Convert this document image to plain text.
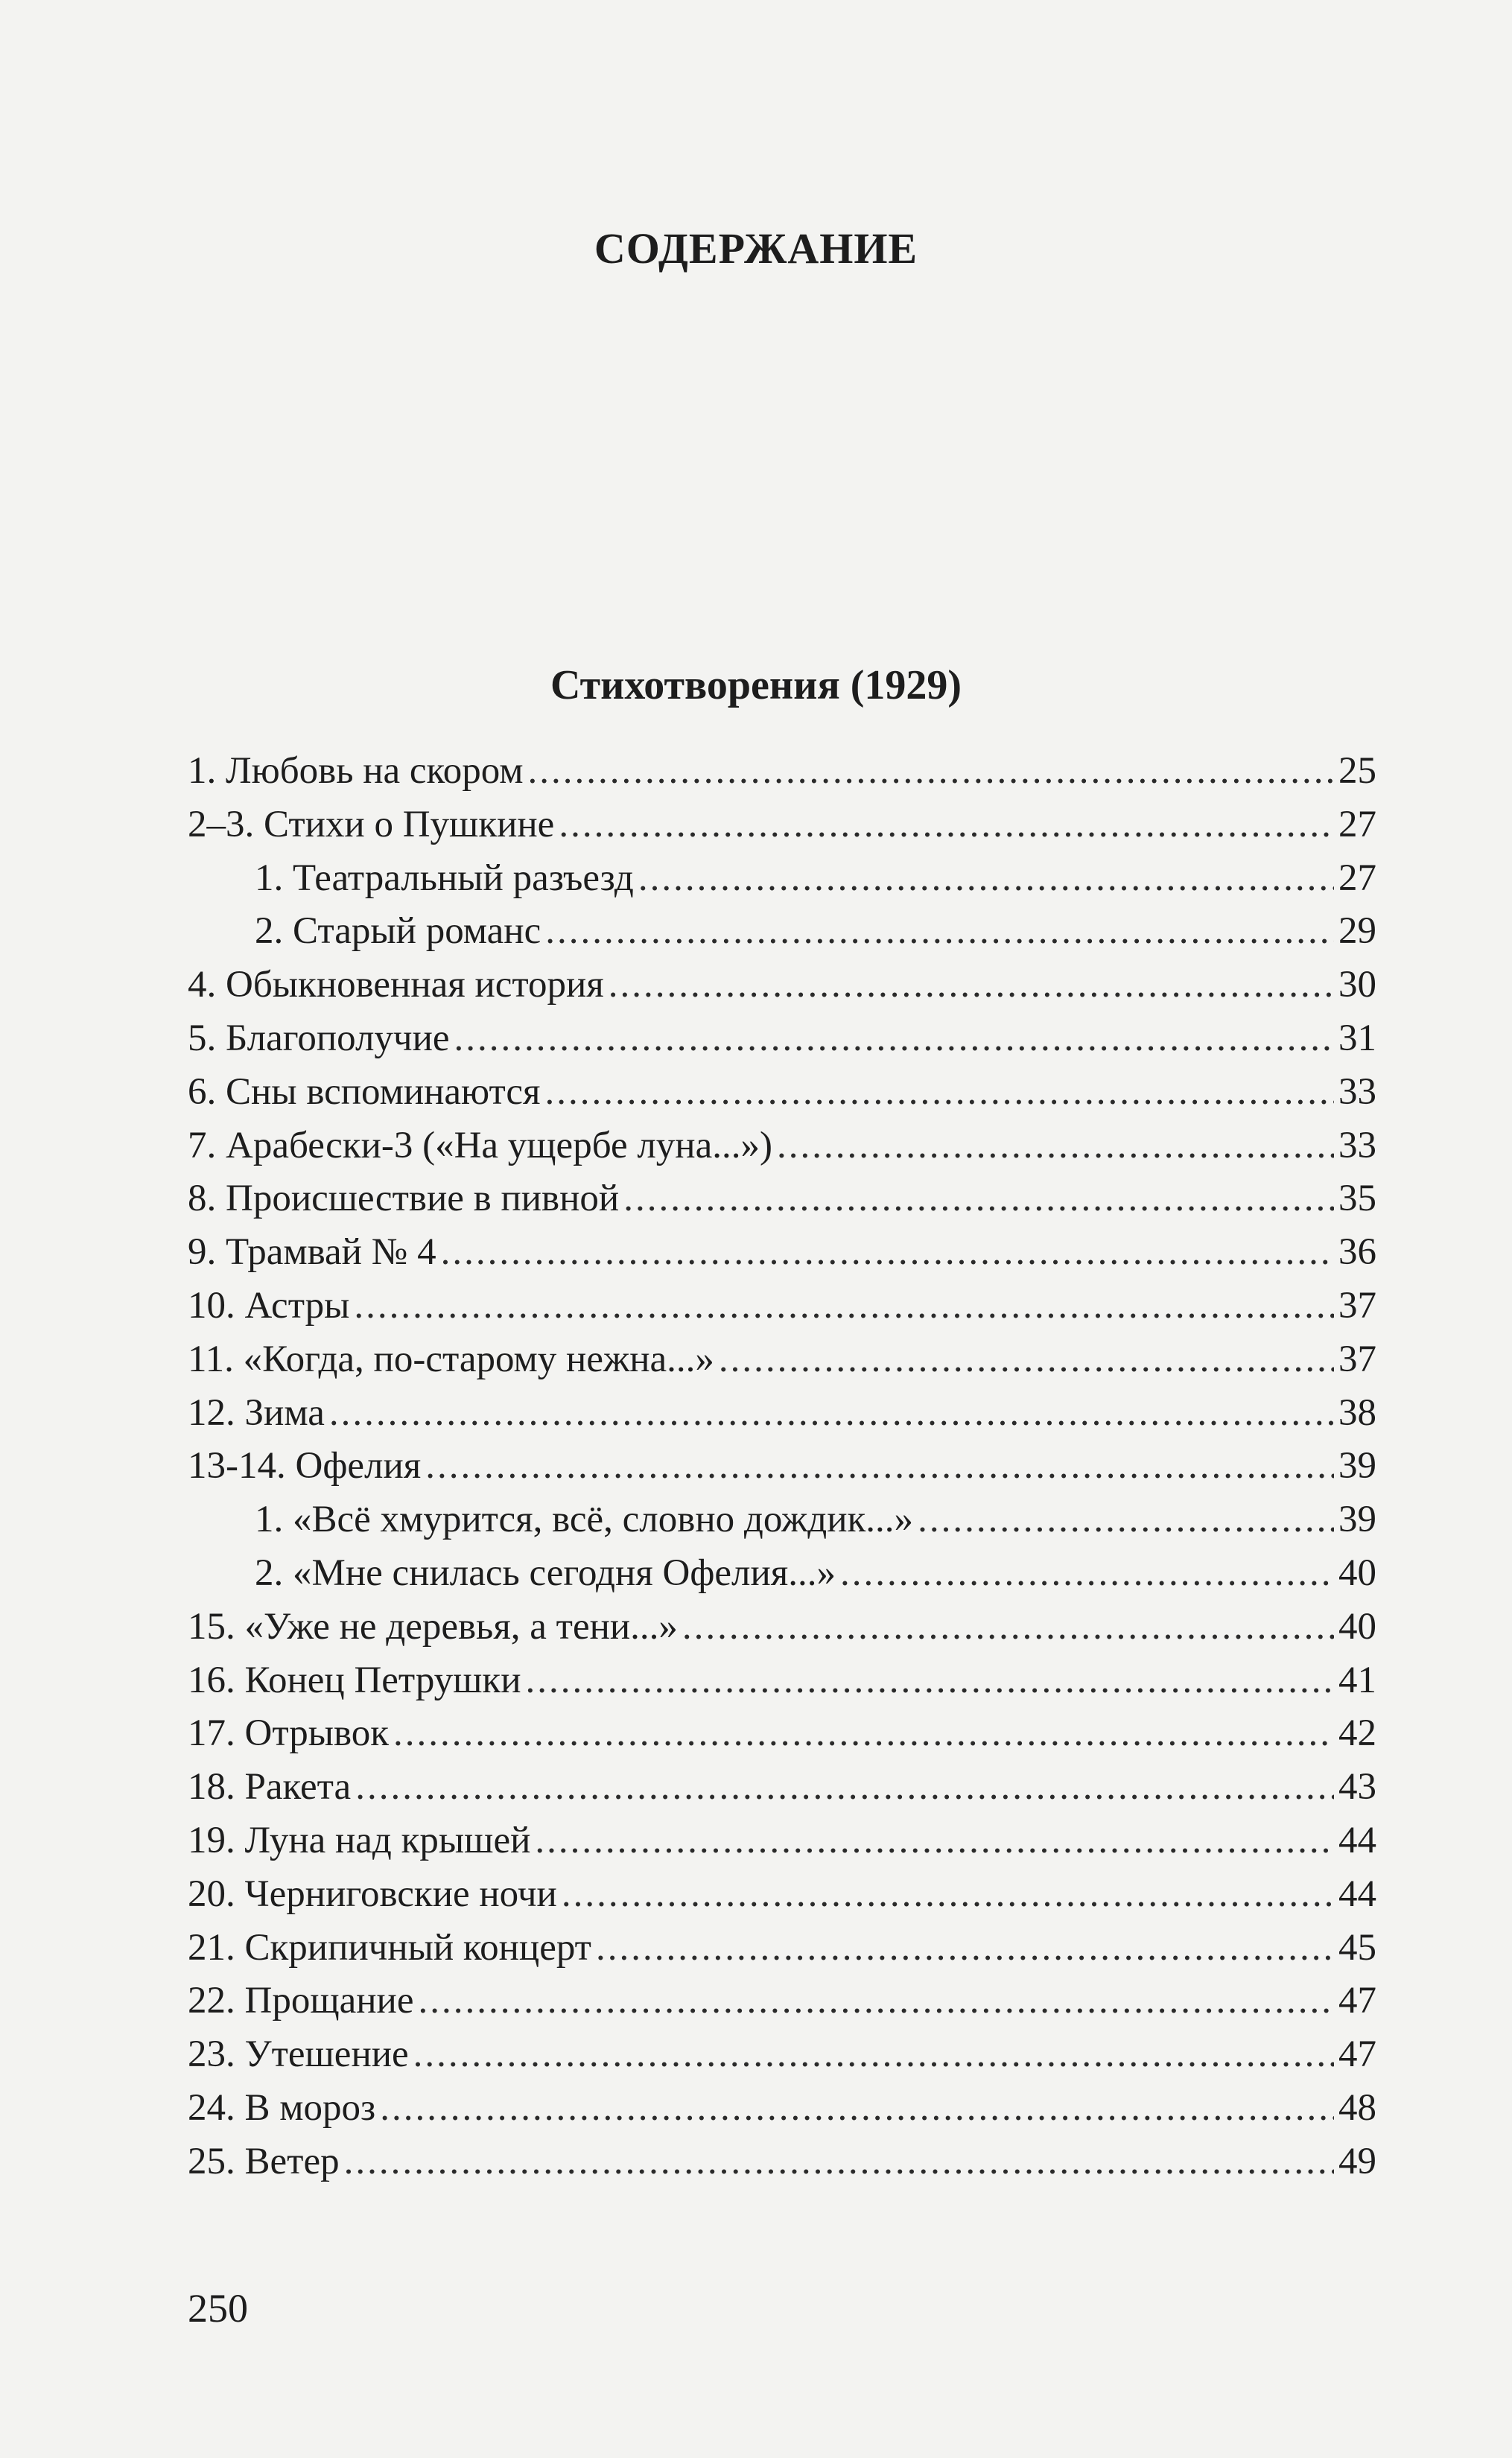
СОДЕРЖАНИЕ
Стихотворения (1929)
1. Любовь на скором .....	25
2–3. Стихи о Пушкине .....	27
1. Театральный разъезд .....	27
2. Старый романс .....	29
4. Обыкновенная история .....	30
5. Благополучие .....	31
6. Сны вспоминаются .....	33
7. Арабески-3 («На ущербе луна...») .....	33
8. Происшествие в пивной .....	35
9. Трамвай № 4 .....	36
10. Астры .....	37
11. «Когда, по-старому нежна...» .....	37
12. Зима .....	38
13-14. Офелия .....	39
1. «Всё хмурится, всё, словно дождик...» .....	39
2. «Мне снилась сегодня Офелия...» .....	40
15. «Уже не деревья, а тени...» .....	40
16. Конец Петрушки .....	41
17. Отрывок .....	42
18. Ракета .....	43
19. Луна над крышей .....	44
20. Черниговские ночи .....	44
21. Скрипичный концерт .....	45
22. Прощание .....	47
23. Утешение .....	47
24. В мороз .....	48
25. Ветер .....	49
250
